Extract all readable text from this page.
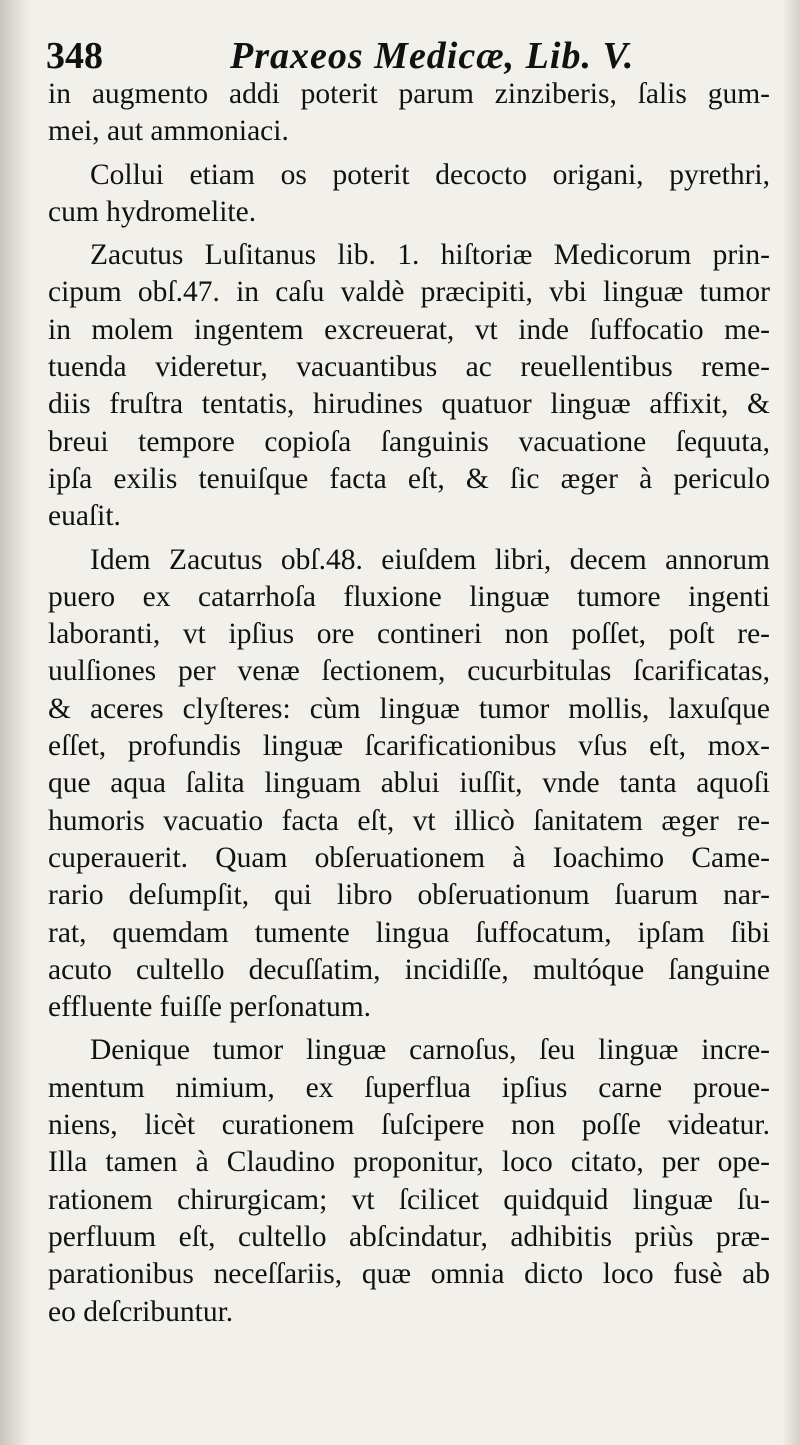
348	Praxeos Medicæ, Lib. V.
in augmento addi poterit parum zinziberis, ſalis gum-
mei, aut ammoniaci.
Collui etiam os poterit decocto origani, pyrethri,
cum hydromelite.
Zacutus Luſitanus lib. 1. hiſtoriæ Medicorum prin-
cipum obſ.47. in caſu valdè præcipiti, vbi linguæ tumor
in molem ingentem excreuerat, vt inde ſuffocatio me-
tuenda videretur, vacuantibus ac reuellentibus reme-
diis fruſtra tentatis, hirudines quatuor linguæ affixit, &
breui tempore copioſa ſanguinis vacuatione ſequuta,
ipſa exilis tenuiſque facta eſt, & ſic æger à periculo
euaſit.
Idem Zacutus obſ.48. eiuſdem libri, decem annorum
puero ex catarrhoſa fluxione linguæ tumore ingenti
laboranti, vt ipſius ore contineri non poſſet, poſt re-
uulſiones per venæ ſectionem, cucurbitulas ſcarificatas,
& aceres clyſteres: cùm linguæ tumor mollis, laxuſque
eſſet, profundis linguæ ſcarificationibus vſus eſt, mox-
que aqua ſalita linguam ablui iuſſit, vnde tanta aquoſi
humoris vacuatio facta eſt, vt illicò ſanitatem æger re-
cuperauerit. Quam obſeruationem à Ioachimo Came-
rario deſumpſit, qui libro obſeruationum ſuarum nar-
rat, quemdam tumente lingua ſuffocatum, ipſam ſibi
acuto cultello decuſſatim, incidiſſe, multóque ſanguine
effluente fuiſſe perſonatum.
Denique tumor linguæ carnoſus, ſeu linguæ incre-
mentum nimium, ex ſuperflua ipſius carne proue-
niens, licèt curationem ſuſcipere non poſſe videatur.
Illa tamen à Claudino proponitur, loco citato, per ope-
rationem chirurgicam; vt ſcilicet quidquid linguæ ſu-
perfluum eſt, cultello abſcindatur, adhibitis priùs præ-
parationibus neceſſariis, quæ omnia dicto loco fusè ab
eo deſcribuntur.
